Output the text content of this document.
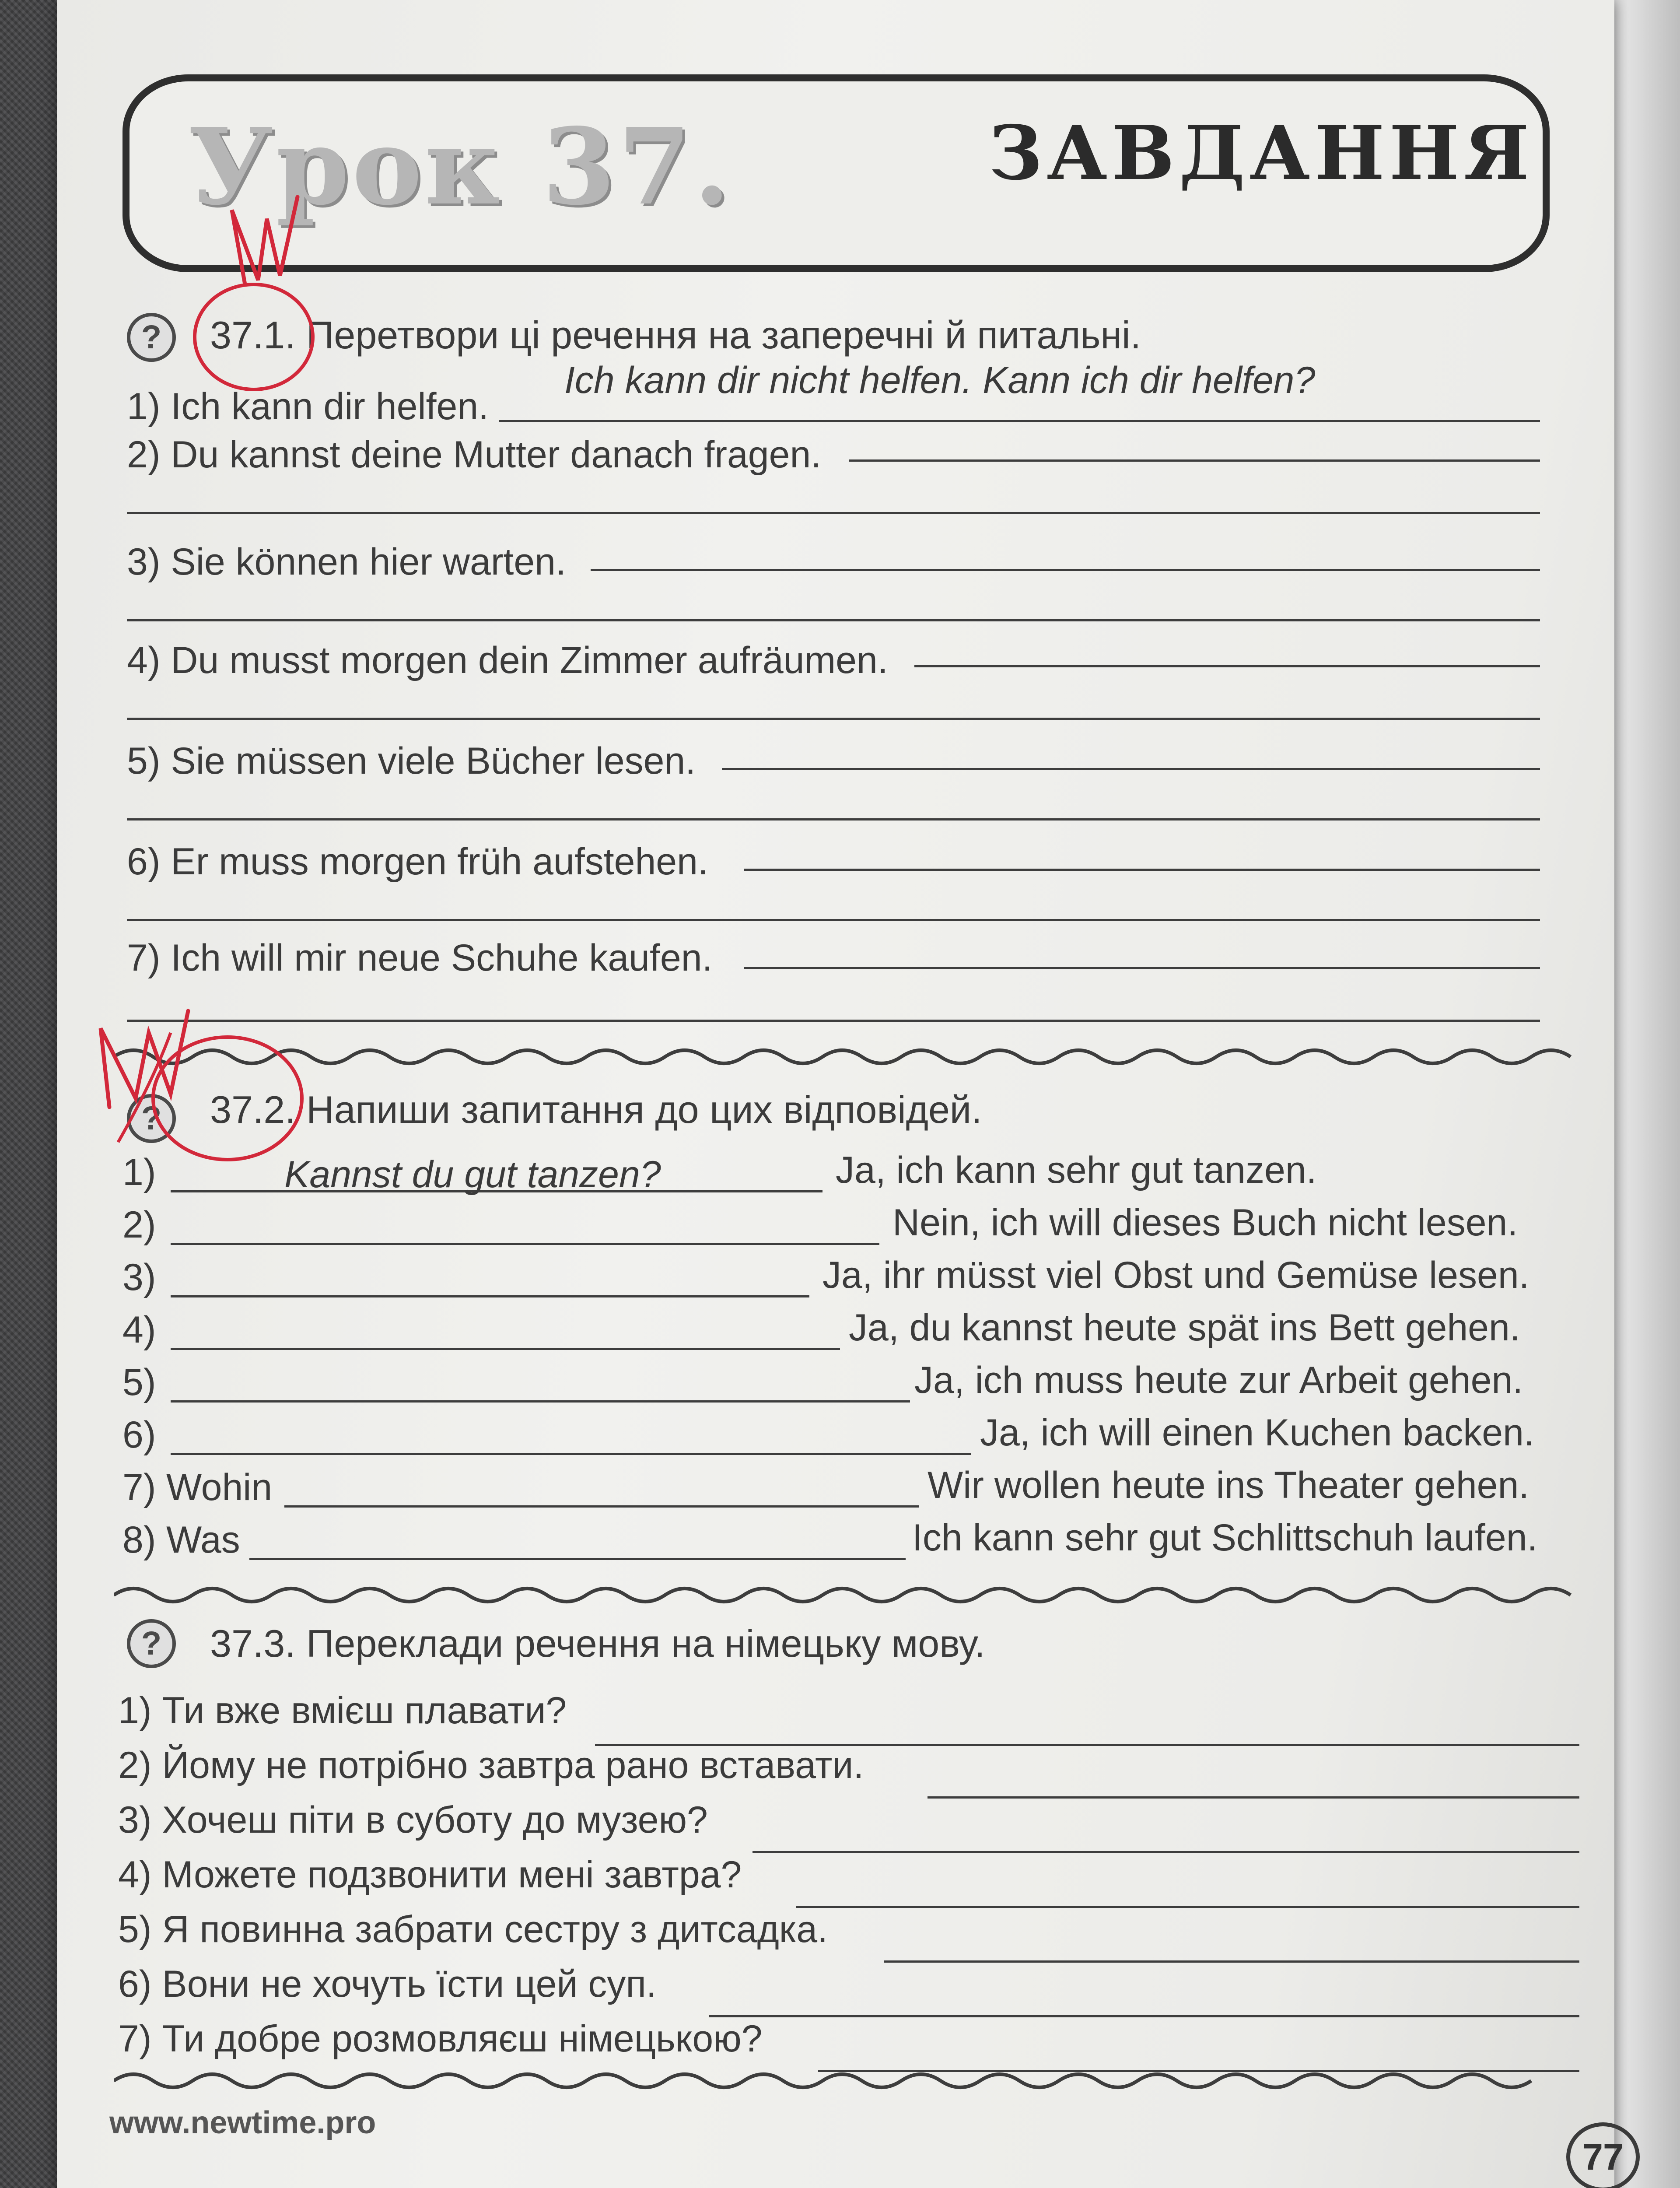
Урок 37.	ЗАВДАННЯ
?	37.1. Перетвори ці речення на заперечні й питальні.
1) Ich kann dir helfen.
Ich kann dir nicht helfen. Kann ich dir helfen?
2) Du kannst deine Mutter danach fragen.
3) Sie können hier warten.
4) Du musst morgen dein Zimmer aufräumen.
5) Sie müssen viele Bücher lesen.
6) Er muss morgen früh aufstehen.
7) Ich will mir neue Schuhe kaufen.
?	37.2. Напиши запитання до цих відповідей.
1)	Kannst du gut tanzen?	Ja, ich kann sehr gut tanzen.
2)	Nein, ich will dieses Buch nicht lesen.
3)	Ja, ihr müsst viel Obst und Gemüse lesen.
4)	Ja, du kannst heute spät ins Bett gehen.
5)	Ja, ich muss heute zur Arbeit gehen.
6)	Ja, ich will einen Kuchen backen.
7) Wohin	Wir wollen heute ins Theater gehen.
8) Was	Ich kann sehr gut Schlittschuh laufen.
?	37.3. Переклади речення на німецьку мову.
1) Ти вже вмієш плавати?
2) Йому не потрібно завтра рано вставати.
3) Хочеш піти в суботу до музею?
4) Можете подзвонити мені завтра?
5) Я повинна забрати сестру з дитсадка.
6) Вони не хочуть їсти цей суп.
7) Ти добре розмовляєш німецькою?
www.newtime.pro
77
